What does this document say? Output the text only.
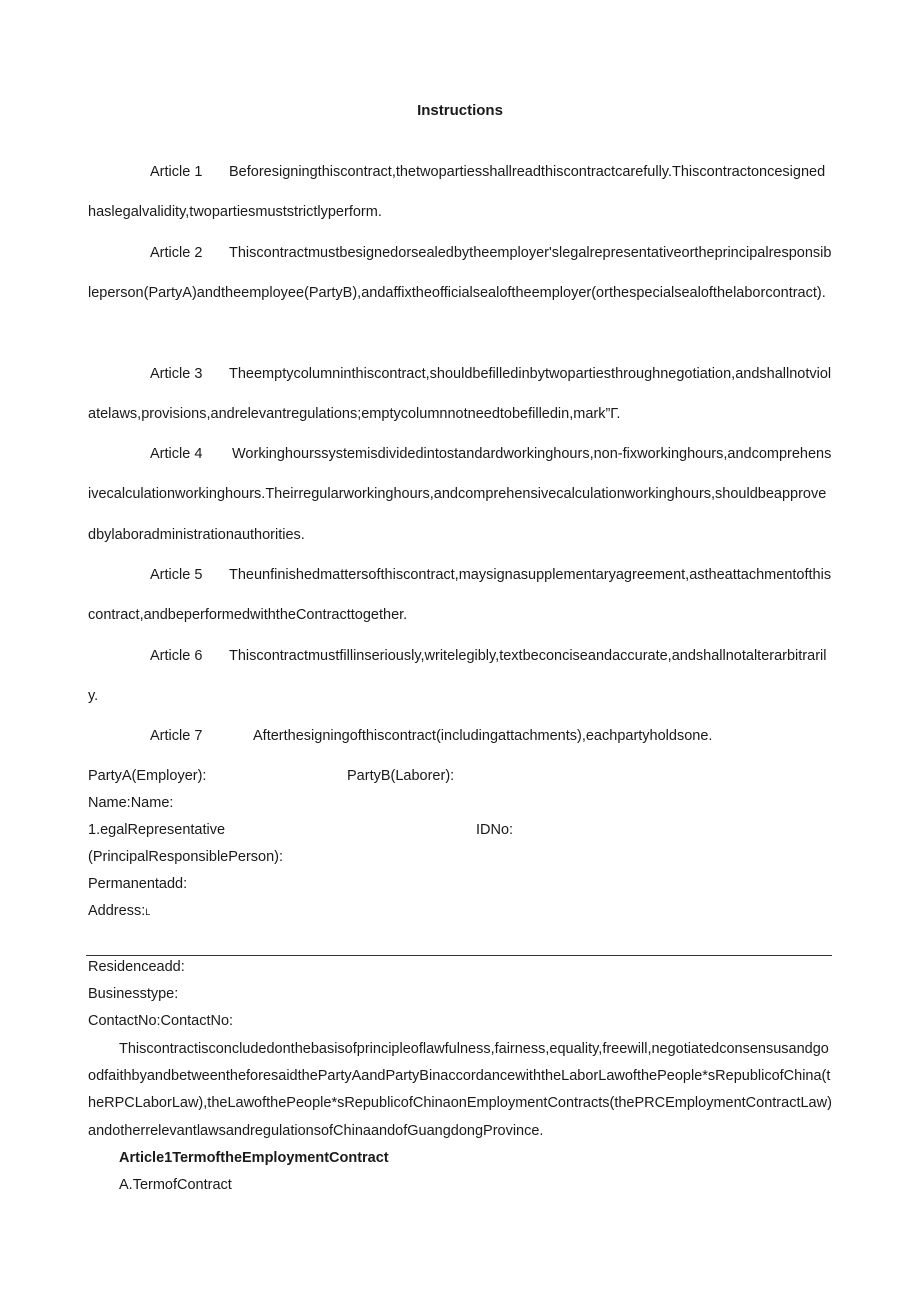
Instructions
Article 1 Beforesigningthiscontract,thetwopartiesshallreadthiscontractcarefully.Thiscontractoncesignedhaslegalvalidity,twopartiesmuststrictlyperform.
Article 2 Thiscontractmustbesignedorsealedbytheemployer'slegalrepresentativeortheprincipalresponsibleperson(PartyA)andtheemployee(PartyB),andaffixtheofficialsealoftheemployer(orthespecialsealofthelaborcontract).
Article 3 Theemptycolumninthiscontract,shouldbefilledinbytwopartiesthroughnegotiation,andshallnotviolatelaws,provisions,andrelevantregulations;emptycolumnnotneedtobefilledin,mark”Г.
Article 4 Workinghourssystemisdividedintostandardworkinghours,non-fixworkinghours,andcomprehensivecalculationworkinghours.Theirregularworkinghours,andcomprehensivecalculationworkinghours,shouldbeapprovedbylaboradministrationauthorities.
Article 5 Theunfinishedmattersofthiscontract,maysignasupplementaryagreement,astheattachmentofthiscontract,andbeperformedwiththeContracttogether.
Article 6 Thiscontractmustfillinseriously,writelegibly,textbeconciseandaccurate,andshallnotalterarbitrarily.
Article 7	Afterthesigningofthiscontract(includingattachments),eachpartyholdsone.
PartyA(Employer):	PartyB(Laborer):
Name:Name:
1.egalRepresentative	IDNo:
(PrincipalResponsiblePerson):
Permanentadd:
Address:L
Residenceadd:
Businesstype:
ContactNo:ContactNo:
Thiscontractisconcludedonthebasisofprincipleoflawfulness,fairness,equality,freewill,negotiatedconsensusandgoodfaithbyandbetweentheforesaidthePartyAandPartyBinaccordancewiththeLaborLawofthePeople*sRepublicofChina(theRPCLaborLaw),theLawofthePeople*sRepublicofChinaonEmploymentContracts(thePRCEmploymentContractLaw)andotherrelevantlawsandregulationsofChinaandofGuangdongProvince.
Article1TermoftheEmploymentContract
A.TermofContract
